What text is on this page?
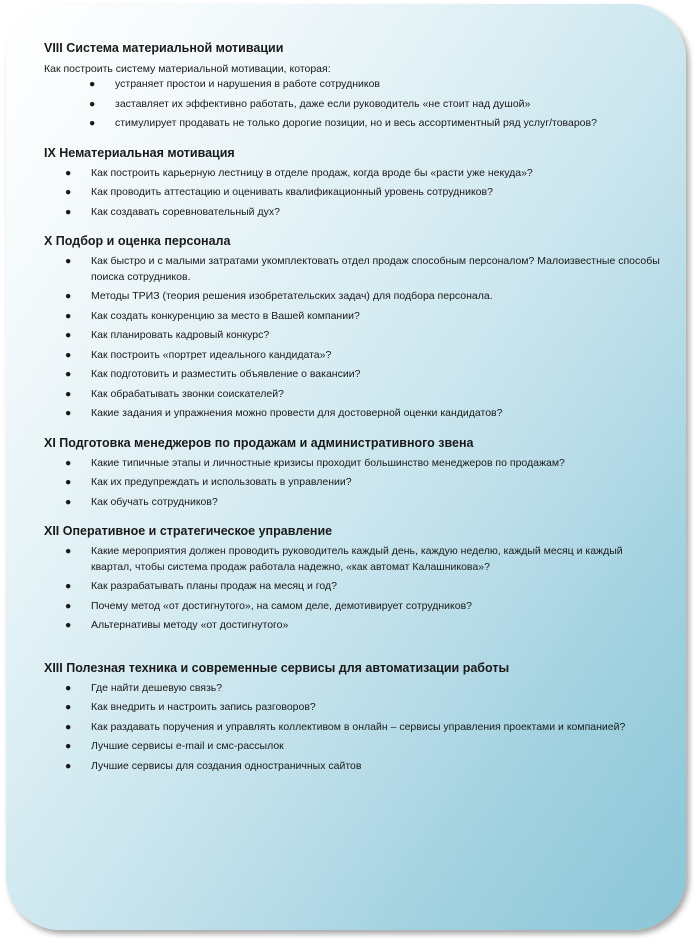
VIII Система материальной мотивации

Как построить систему материальной мотивации, которая:

● устраняет простои и нарушения в работе сотрудников
● заставляет их эффективно работать, даже если руководитель «не стоит над душой»
● стимулирует продавать не только дорогие позиции, но и весь ассортиментный ряд услуг/товаров?
IX Нематериальная мотивация
● Как построить карьерную лестницу в отделе продаж, когда вроде бы «расти уже некуда»?
● Как проводить аттестацию и оценивать квалификационный уровень сотрудников?
● Как создавать соревновательный дух?
X Подбор и оценка персонала
● Как быстро и с малыми затратами укомплектовать отдел продаж способным персоналом? Малоизвестные способы поиска сотрудников.
● Методы ТРИЗ (теория решения изобретательских задач) для подбора персонала.
● Как создать конкуренцию за место в Вашей компании?
● Как планировать кадровый конкурс?
● Как построить «портрет идеального кандидата»?
● Как подготовить и разместить объявление о вакансии?
● Как обрабатывать звонки соискателей?
● Какие задания и упражнения можно провести для достоверной оценки кандидатов?
XI Подготовка менеджеров по продажам и административного звена
● Какие типичные этапы и личностные кризисы проходит большинство менеджеров по продажам?
● Как их предупреждать и использовать в управлении?
● Как обучать сотрудников?
XII Оперативное и стратегическое управление
● Какие мероприятия должен проводить руководитель каждый день, каждую неделю, каждый месяц и каждый квартал, чтобы система продаж работала надежно, «как автомат Калашникова»?
● Как разрабатывать планы продаж на месяц и год?
● Почему метод «от достигнутого», на самом деле, демотивирует сотрудников?
● Альтернативы методу «от достигнутого»
XIII Полезная техника и современные сервисы для автоматизации работы
● Где найти дешевую связь?
● Как внедрить и настроить запись разговоров?
● Как раздавать поручения и управлять коллективом в онлайн – сервисы управления проектами и компанией?
● Лучшие сервисы e-mail и смс-рассылок
● Лучшие сервисы для создания одностраничных сайтов
